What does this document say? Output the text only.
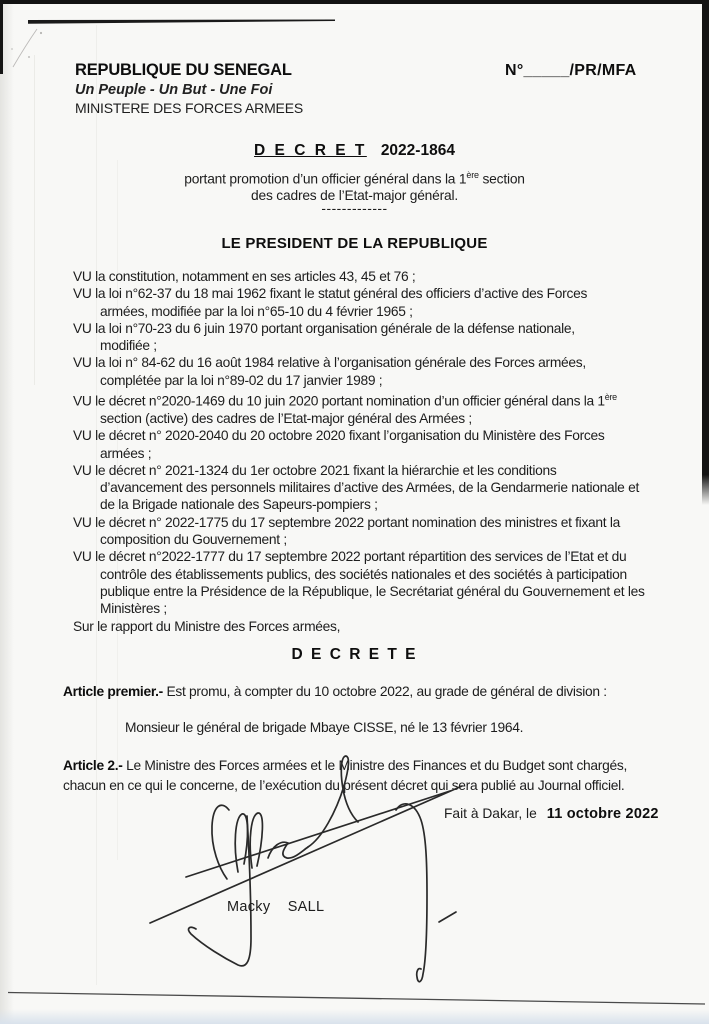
REPUBLIQUE DU SENEGAL
Un Peuple - Un But - Une Foi
MINISTERE DES FORCES ARMEES
N°_____/PR/MFA
D E C R E T 2022-1864
portant promotion d’un officier général dans la 1ère section
des cadres de l’Etat-major général.
-------------
LE PRESIDENT DE LA REPUBLIQUE
VU la constitution, notamment en ses articles 43, 45 et 76 ;
VU la loi n°62-37 du 18 mai 1962 fixant le statut général des officiers d’active des Forces
armées, modifiée par la loi n°65-10 du 4 février 1965 ;
VU la loi n°70-23 du 6 juin 1970 portant organisation générale de la défense nationale,
modifiée ;
VU la loi n° 84-62 du 16 août 1984 relative à l’organisation générale des Forces armées,
complétée par la loi n°89-02 du 17 janvier 1989 ;
VU le décret n°2020-1469 du 10 juin 2020 portant nomination d’un officier général dans la 1ère
section (active) des cadres de l’Etat-major général des Armées ;
VU le décret n° 2020-2040 du 20 octobre 2020 fixant l’organisation du Ministère des Forces
armées ;
VU le décret n° 2021-1324 du 1er octobre 2021 fixant la hiérarchie et les conditions
d’avancement des personnels militaires d’active des Armées, de la Gendarmerie nationale et
de la Brigade nationale des Sapeurs-pompiers ;
VU le décret n° 2022-1775 du 17 septembre 2022 portant nomination des ministres et fixant la
composition du Gouvernement ;
VU le décret n°2022-1777 du 17 septembre 2022 portant répartition des services de l’Etat et du
contrôle des établissements publics, des sociétés nationales et des sociétés à participation
publique entre la Présidence de la République, le Secrétariat général du Gouvernement et les
Ministères ;
Sur le rapport du Ministre des Forces armées,
D E C R E T E
Article premier.- Est promu, à compter du 10 octobre 2022, au grade de général de division :
Monsieur le général de brigade Mbaye CISSE, né le 13 février 1964.
Article 2.- Le Ministre des Forces armées et le Ministre des Finances et du Budget sont chargés,
chacun en ce qui le concerne, de l’exécution du présent décret qui sera publié au Journal officiel.
Fait à Dakar, le 11 octobre 2022
Macky    SALL
